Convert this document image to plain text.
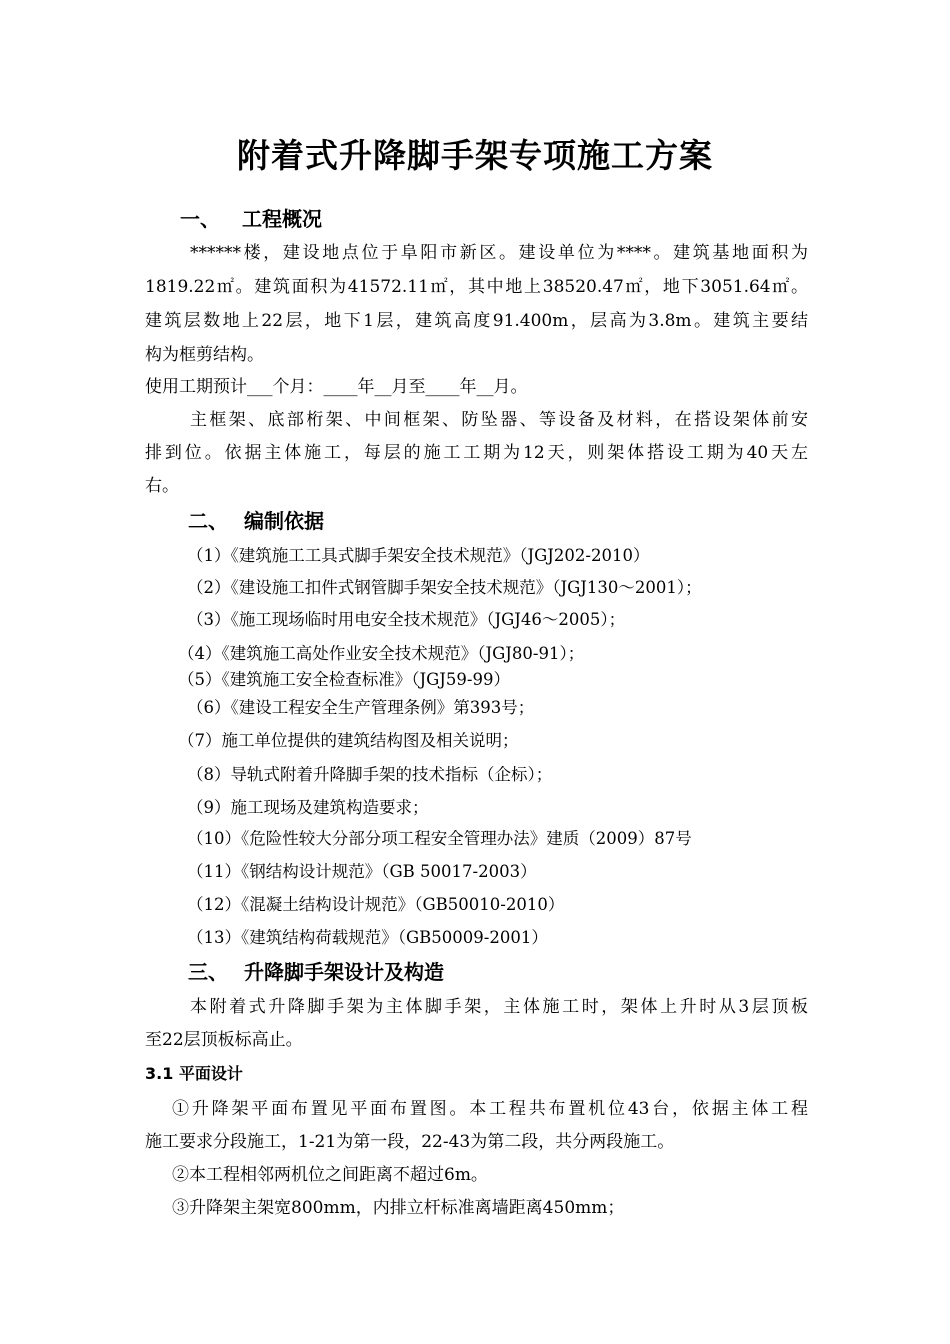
附着式升降脚手架专项施工方案
一、 工程概况
******楼，建设地点位于阜阳市新区。建设单位为****。建筑基地面积为
1819.22㎡。建筑面积为41572.11㎡，其中地上38520.47㎡，地下3051.64㎡。
建筑层数地上22层，地下1层，建筑高度91.400m，层高为3.8m。建筑主要结
构为框剪结构。
使用工期预计___个月：____年__月至____年__月。
主框架、底部桁架、中间框架、防坠器、等设备及材料，在搭设架体前安
排到位。依据主体施工，每层的施工工期为12天，则架体搭设工期为40天左
右。
二、 编制依据
（1）《建筑施工工具式脚手架安全技术规范》（JGJ202-2010）
（2）《建设施工扣件式钢管脚手架安全技术规范》（JGJ130～2001）；
（3）《施工现场临时用电安全技术规范》（JGJ46～2005）；
（4）《建筑施工高处作业安全技术规范》（JGJ80-91）；
（5）《建筑施工安全检查标准》（JGJ59-99）
（6）《建设工程安全生产管理条例》第393号；
（7）施工单位提供的建筑结构图及相关说明；
（8）导轨式附着升降脚手架的技术指标（企标）；
（9）施工现场及建筑构造要求；
（10）《危险性较大分部分项工程安全管理办法》建质（2009）87号
（11）《钢结构设计规范》（GB 50017-2003）
（12）《混凝土结构设计规范》（GB50010-2010）
（13）《建筑结构荷载规范》（GB50009-2001）
三、 升降脚手架设计及构造
本附着式升降脚手架为主体脚手架，主体施工时，架体上升时从3层顶板
至22层顶板标高止。
3.1 平面设计
①升降架平面布置见平面布置图。本工程共布置机位43台，依据主体工程
施工要求分段施工，1-21为第一段，22-43为第二段，共分两段施工。
②本工程相邻两机位之间距离不超过6m。
③升降架主架宽800mm，内排立杆标准离墙距离450mm；
